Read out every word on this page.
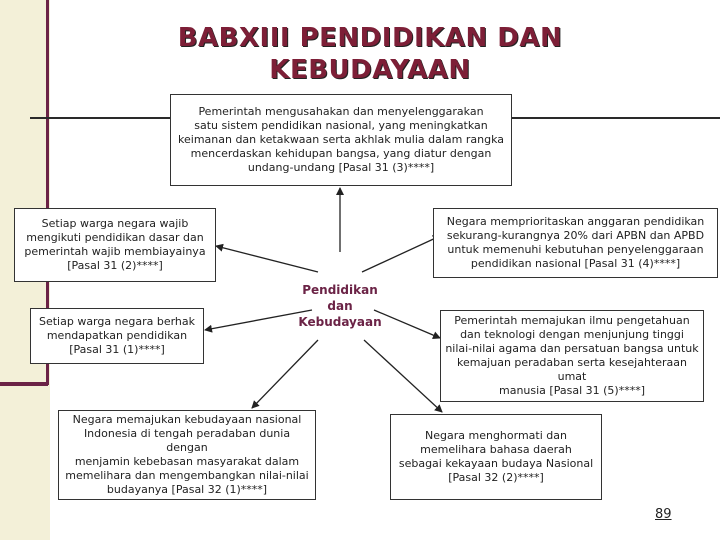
BABXIII PENDIDIKAN DAN
KEBUDAYAAN
Pemerintah mengusahakan dan menyelenggarakan
satu sistem pendidikan nasional, yang meningkatkan
keimanan dan ketakwaan serta akhlak mulia dalam rangka
mencerdaskan kehidupan bangsa, yang diatur dengan
undang-undang [Pasal 31 (3)****]
Setiap warga negara wajib
mengikuti pendidikan dasar dan
pemerintah wajib membiayainya
[Pasal 31 (2)****]
Setiap warga negara berhak
mendapatkan pendidikan
[Pasal 31 (1)****]
Negara memprioritaskan anggaran pendidikan
sekurang-kurangnya 20% dari APBN dan APBD
untuk memenuhi kebutuhan penyelenggaraan
pendidikan nasional [Pasal 31 (4)****]
Pemerintah memajukan ilmu pengetahuan
dan teknologi dengan menjunjung tinggi
nilai-nilai agama dan persatuan bangsa untuk
kemajuan peradaban serta kesejahteraan umat
manusia [Pasal 31 (5)****]
Negara memajukan kebudayaan nasional
Indonesia di tengah peradaban dunia dengan
menjamin kebebasan masyarakat dalam
memelihara dan mengembangkan nilai-nilai
budayanya [Pasal 32 (1)****]
Negara menghormati dan
memelihara bahasa daerah
sebagai kekayaan budaya Nasional
[Pasal 32 (2)****]
Pendidikan
dan
Kebudayaan
89
